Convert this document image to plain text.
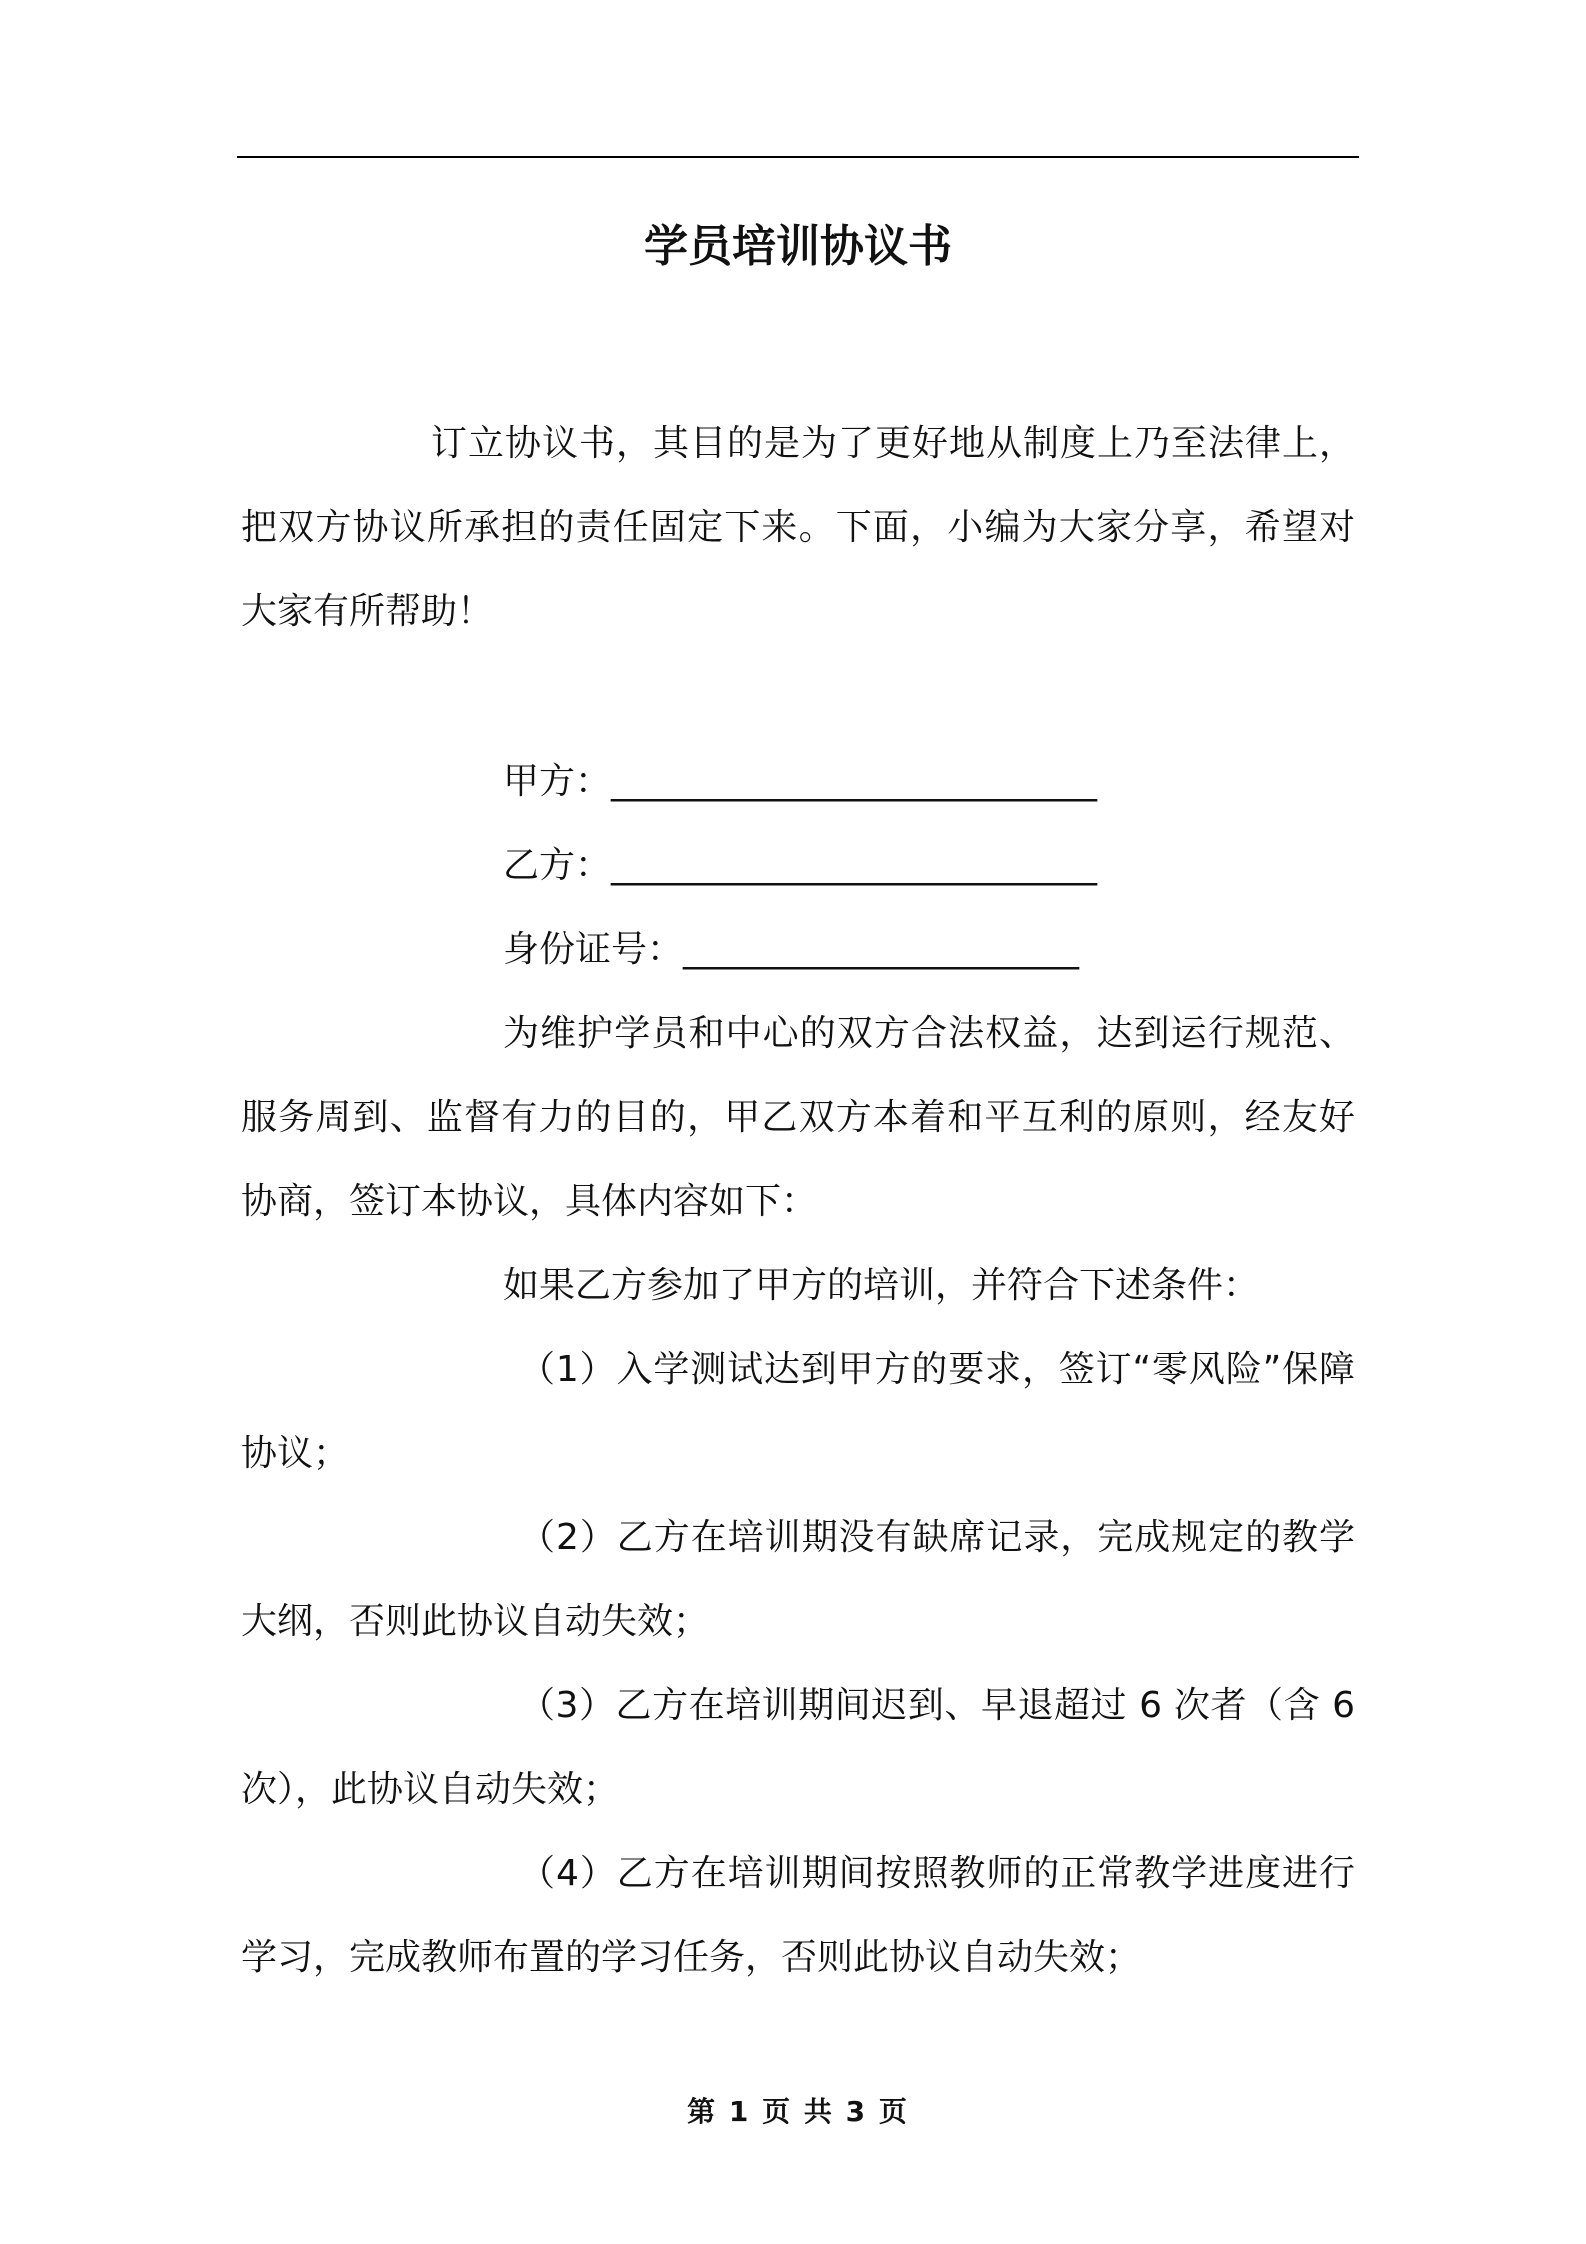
学员培训协议书

订立协议书，其目的是为了更好地从制度上乃至法律上，把双方协议所承担的责任固定下来。下面，小编为大家分享，希望对大家有所帮助！

甲方：___________________________

乙方：___________________________

身份证号：______________________

为维护学员和中心的双方合法权益，达到运行规范、服务周到、监督有力的目的，甲乙双方本着和平互利的原则，经友好协商，签订本协议，具体内容如下：

如果乙方参加了甲方的培训，并符合下述条件：

（1）入学测试达到甲方的要求，签订“零风险”保障协议；

（2）乙方在培训期没有缺席记录，完成规定的教学大纲，否则此协议自动失效；

（3）乙方在培训期间迟到、早退超过 6 次者（含 6 次），此协议自动失效；

（4）乙方在培训期间按照教师的正常教学进度进行学习，完成教师布置的学习任务，否则此协议自动失效；

第 1 页 共 3 页
